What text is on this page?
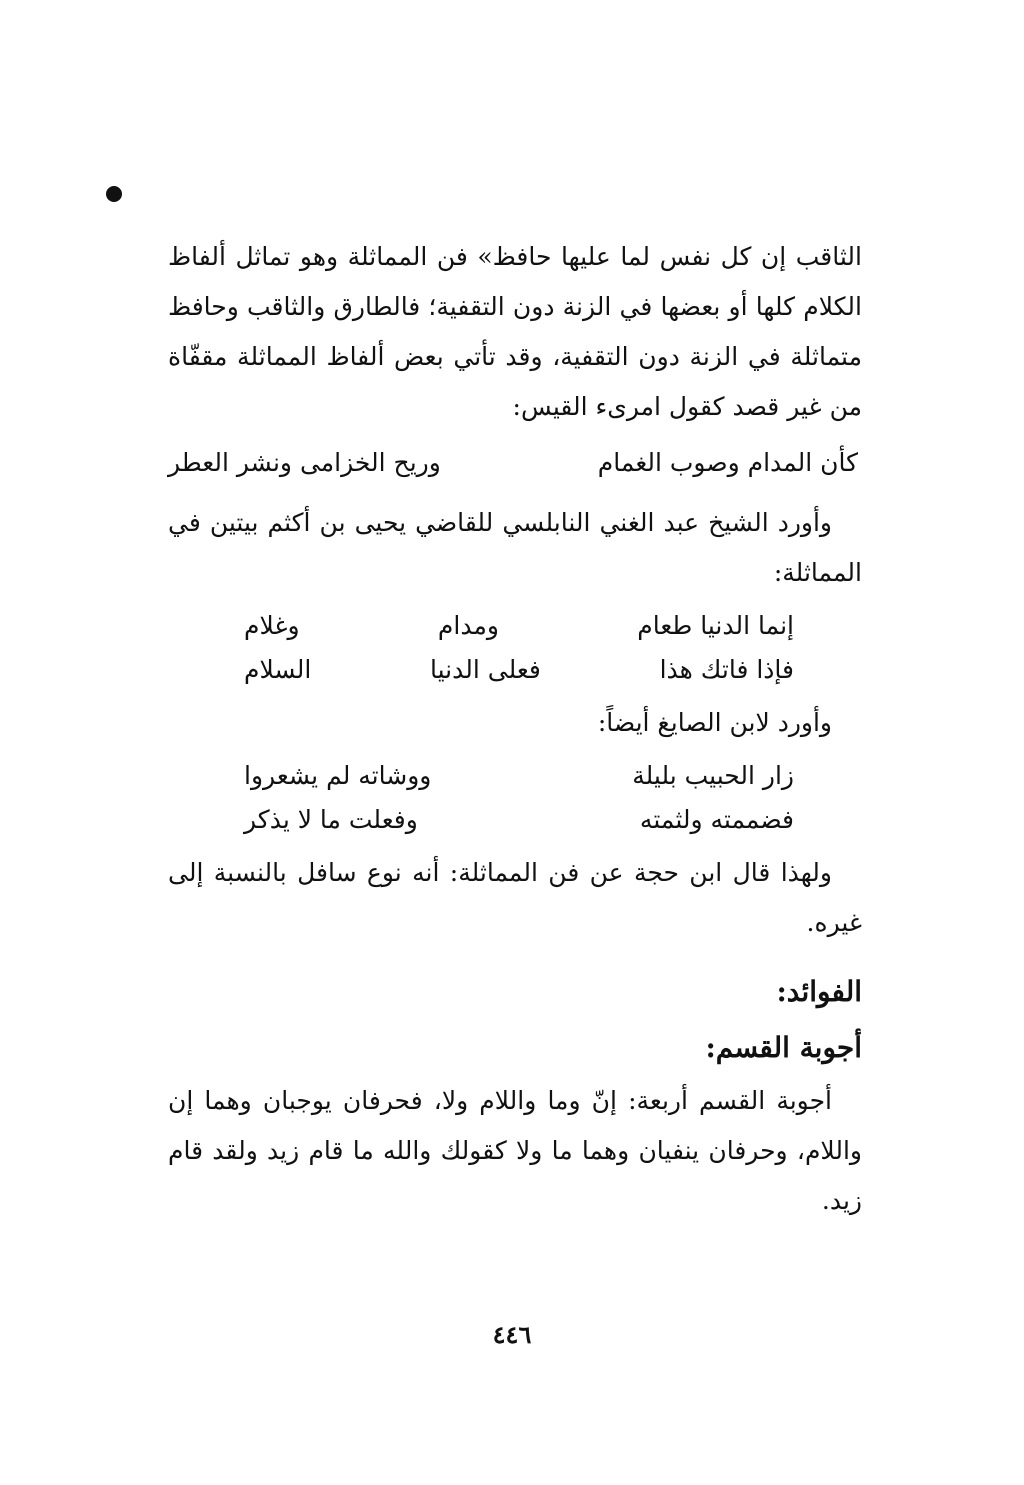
الثاقب إن كل نفس لما عليها حافظ» فن المماثلة وهو تماثل ألفاظ الكلام كلها أو بعضها في الزنة دون التقفية؛ فالطارق والثاقب وحافظ متماثلة في الزنة دون التقفية، وقد تأتي بعض ألفاظ المماثلة مقفّاة من غير قصد كقول امرىء القيس:

كأن المدام وصوب الغمام
وريح الخزامى ونشر العطر

وأورد الشيخ عبد الغني النابلسي للقاضي يحيى بن أكثم بيتين في المماثلة:

إنما الدنيا طعام
ومدام
وغلام
فإذا فاتك هذا
فعلى الدنيا
السلام

وأورد لابن الصايغ أيضاً:

زار الحبيب بليلة
ووشاته لم يشعروا
فضممته ولثمته
وفعلت ما لا يذكر

ولهذا قال ابن حجة عن فن المماثلة: أنه نوع سافل بالنسبة إلى غيره.

الفوائد:
أجوبة القسم:

أجوبة القسم أربعة: إنّ وما واللام ولا، فحرفان يوجبان وهما إن واللام، وحرفان ينفيان وهما ما ولا كقولك والله ما قام زيد ولقد قام زيد.

٤٤٦
